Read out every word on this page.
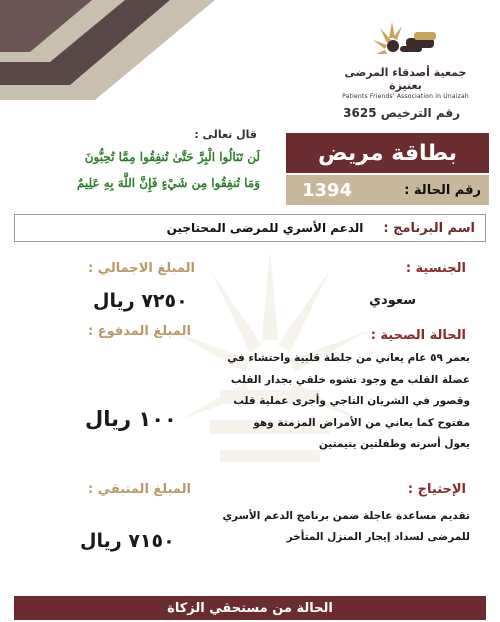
جمعية أصدقاء المرضى بعنيزة
Patients Friends' Association in Unaizah
رقم الترخيص 3625
قال تعالى :
لَن تَنَالُوا الْبِرَّ حَتَّىٰ تُنفِقُوا مِمَّا تُحِبُّونَ
وَمَا تُنفِقُوا مِن شَيْءٍ فَإِنَّ اللَّهَ بِهِ عَلِيمٌ
بطاقة مريض
رقم الحالة :
1394
اسم البرنامج :
الدعم الأسري للمرضى المحتاجين
الجنسية :
سعودي
الحالة الصحية :
بعمر ٥٩ عام يعاني من جلطة قلبية واحتشاء في عضلة القلب مع وجود تشوه خلقي بجدار القلب وقصور في الشريان التاجي وأجرى عملية قلب مفتوح كما يعاني من الأمراض المزمنة وهو يعول أسرته وطفلتين يتيمتين
الإحتياج :
تقديم مساعدة عاجلة ضمن برنامج الدعم الأسري للمرضى لسداد إيجار المنزل المتأخر
المبلغ الاجمالي :
٧٢٥٠ ريال
المبلغ المدفوع :
١٠٠ ريال
المبلغ المتبقي :
٧١٥٠ ريال
الحالة من مستحقي الزكاة
